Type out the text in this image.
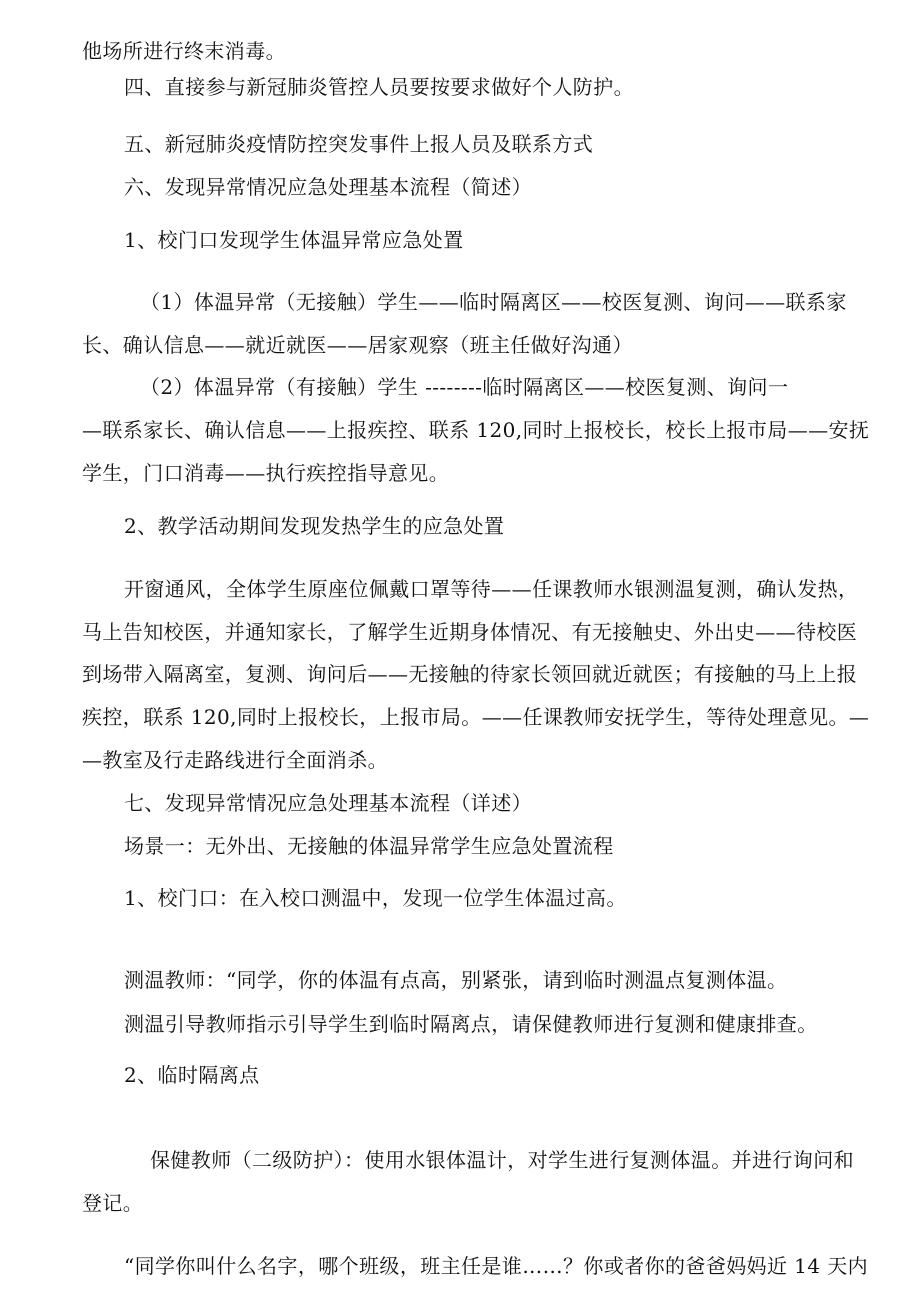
他场所进行终末消毒。
四、直接参与新冠肺炎管控人员要按要求做好个人防护。
五、新冠肺炎疫情防控突发事件上报人员及联系方式
六、发现异常情况应急处理基本流程（简述）
1、校门口发现学生体温异常应急处置
（1）体温异常（无接触）学生——临时隔离区——校医复测、询问——联系家
长、确认信息——就近就医——居家观察（班主任做好沟通）
（2）体温异常（有接触）学生 --------临时隔离区——校医复测、询问一
—联系家长、确认信息——上报疾控、联系 120,同时上报校长，校长上报市局——安抚
学生，门口消毒——执行疾控指导意见。
2、教学活动期间发现发热学生的应急处置
开窗通风，全体学生原座位佩戴口罩等待——任课教师水银测温复测，确认发热，
马上告知校医，并通知家长，了解学生近期身体情况、有无接触史、外出史——待校医
到场带入隔离室，复测、询问后——无接触的待家长领回就近就医；有接触的马上上报
疾控，联系 120,同时上报校长，上报市局。——任课教师安抚学生，等待处理意见。—
—教室及行走路线进行全面消杀。
七、发现异常情况应急处理基本流程（详述）
场景一：无外出、无接触的体温异常学生应急处置流程
1、校门口：在入校口测温中，发现一位学生体温过高。
测温教师：“同学，你的体温有点高，别紧张，请到临时测温点复测体温。
测温引导教师指示引导学生到临时隔离点，请保健教师进行复测和健康排查。
2、临时隔离点
保健教师（二级防护）：使用水银体温计，对学生进行复测体温。并进行询问和
登记。
“同学你叫什么名字，哪个班级，班主任是谁……？你或者你的爸爸妈妈近 14 天内
